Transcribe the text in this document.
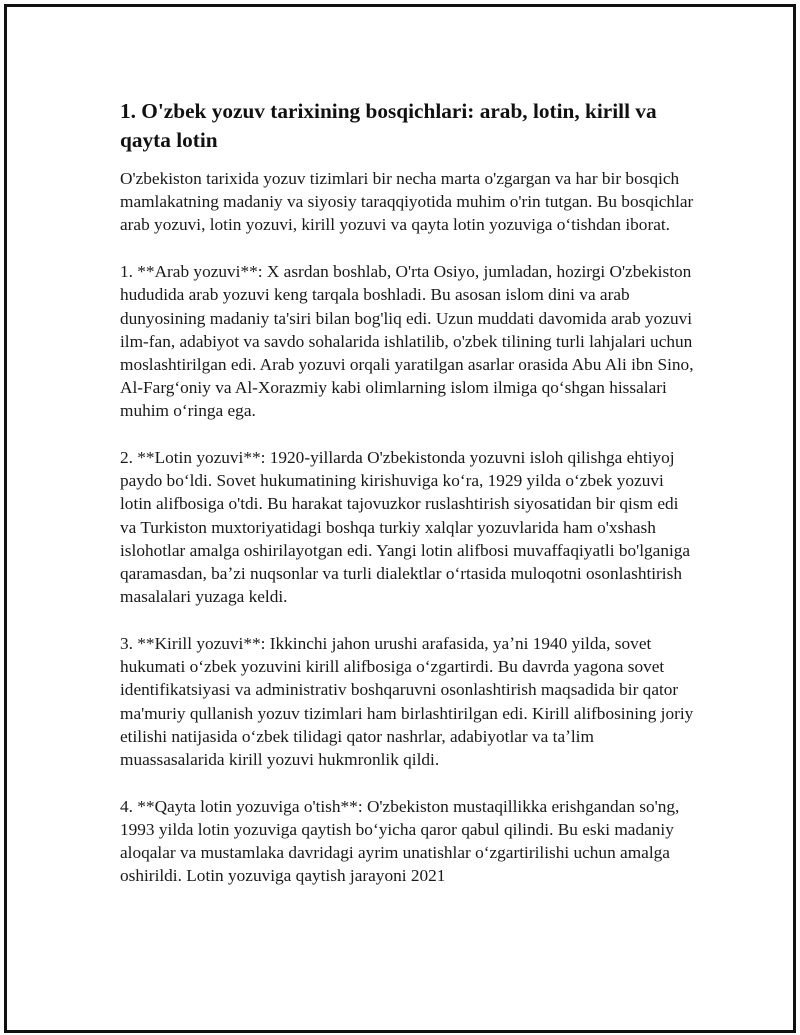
1. O'zbek yozuv tarixining bosqichlari: arab, lotin, kirill va qayta lotin

O'zbekiston tarixida yozuv tizimlari bir necha marta o'zgargan va har bir bosqich mamlakatning madaniy va siyosiy taraqqiyotida muhim o'rin tutgan. Bu bosqichlar arab yozuvi, lotin yozuvi, kirill yozuvi va qayta lotin yozuviga oʻtishdan iborat.

1. **Arab yozuvi**: X asrdan boshlab, O'rta Osiyo, jumladan, hozirgi O'zbekiston hududida arab yozuvi keng tarqala boshladi. Bu asosan islom dini va arab dunyosining madaniy ta'siri bilan bog'liq edi. Uzun muddati davomida arab yozuvi ilm-fan, adabiyot va savdo sohalarida ishlatilib, o'zbek tilining turli lahjalari uchun moslashtirilgan edi. Arab yozuvi orqali yaratilgan asarlar orasida Abu Ali ibn Sino, Al-Fargʻoniy va Al-Xorazmiy kabi olimlarning islom ilmiga qoʻshgan hissalari muhim oʻringa ega.

2. **Lotin yozuvi**: 1920-yillarda O'zbekistonda yozuvni isloh qilishga ehtiyoj paydo boʻldi. Sovet hukumatining kirishuviga koʻra, 1929 yilda oʻzbek yozuvi lotin alifbosiga o'tdi. Bu harakat tajovuzkor ruslashtirish siyosatidan bir qism edi va Turkiston muxtoriyatidagi boshqa turkiy xalqlar yozuvlarida ham o'xshash islohotlar amalga oshirilayotgan edi. Yangi lotin alifbosi muvaffaqiyatli bo'lganiga qaramasdan, baʼzi nuqsonlar va turli dialektlar oʻrtasida muloqotni osonlashtirish masalalari yuzaga keldi.

3. **Kirill yozuvi**: Ikkinchi jahon urushi arafasida, yaʼni 1940 yilda, sovet hukumati oʻzbek yozuvini kirill alifbosiga oʻzgartirdi. Bu davrda yagona sovet identifikatsiyasi va administrativ boshqaruvni osonlashtirish maqsadida bir qator ma'muriy qullanish yozuv tizimlari ham birlashtirilgan edi. Kirill alifbosining joriy etilishi natijasida oʻzbek tilidagi qator nashrlar, adabiyotlar va taʼlim muassasalarida kirill yozuvi hukmronlik qildi.

4. **Qayta lotin yozuviga o'tish**: O'zbekiston mustaqillikka erishgandan so'ng, 1993 yilda lotin yozuviga qaytish boʻyicha qaror qabul qilindi. Bu eski madaniy aloqalar va mustamlaka davridagi ayrim unatishlar oʻzgartirilishi uchun amalga oshirildi. Lotin yozuviga qaytish jarayoni 2021
